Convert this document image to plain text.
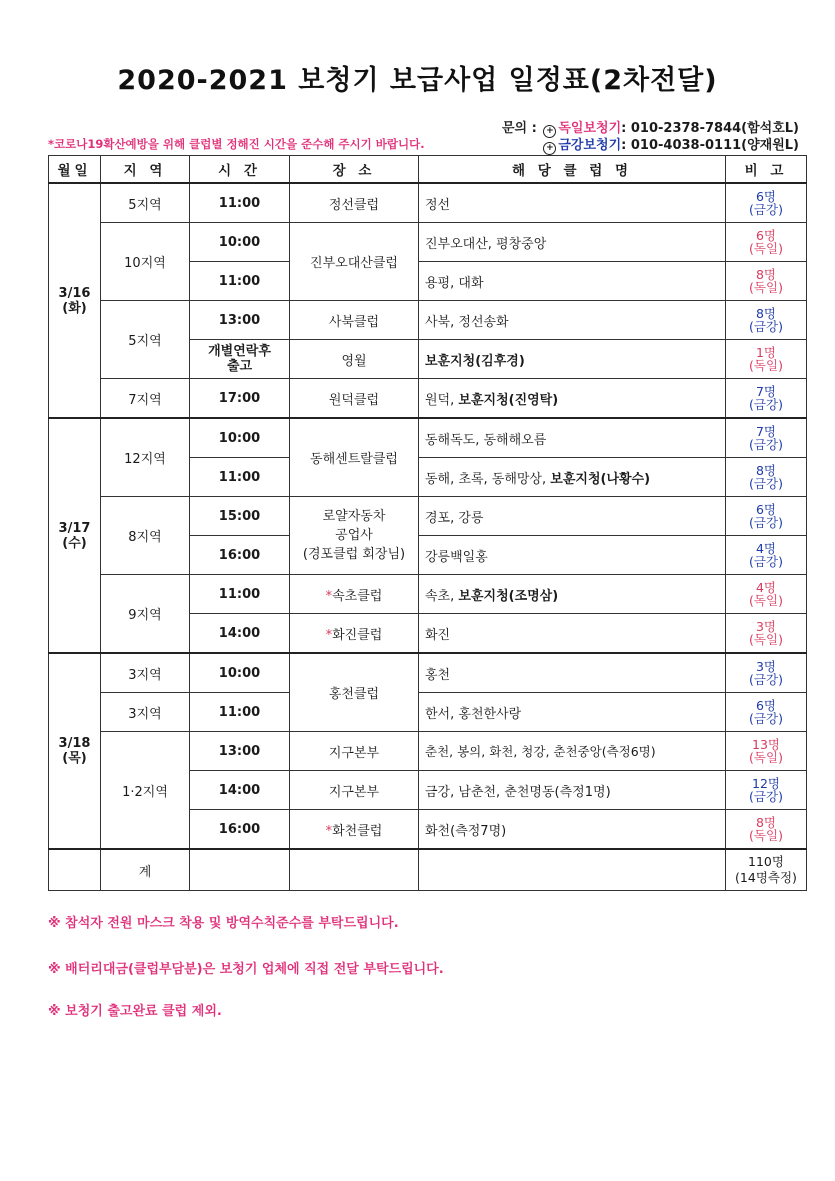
2020-2021 보청기 보급사업 일정표(2차전달)
문의 : + 독일보청기: 010-2378-7844(함석호L)
+ 금강보청기: 010-4038-0111(양재원L)
*코로나19확산예방을 위해 클럽별 정해진 시간을 준수해 주시기 바랍니다.
월일	지 역	시 간	장 소	해 당 클 럽 명	비 고
3/16
(화)	5지역	11:00	정선클럽	정선	6명
(금강)
	10지역	10:00	진부오대산클럽	진부오대산, 평창중앙	6명
(독일)
		11:00		용평, 대화	8명
(독일)
	5지역	13:00	사북클럽	사북, 정선송화	8명
(금강)
		개별연락후
출고	영월	보훈지청(김후경)	1명
(독일)
	7지역	17:00	원덕클럽	원덕, 보훈지청(진영탁)	7명
(금강)
3/17
(수)	12지역	10:00	동해센트랄클럽	동해독도, 동해해오름	7명
(금강)
		11:00		동해, 초록, 동해망상, 보훈지청(나황수)	8명
(금강)
	8지역	15:00	로얄자동차
공업사
(경포클럽 회장님)	경포, 강릉	6명
(금강)
		16:00		강릉백일홍	4명
(금강)
	9지역	11:00	*속초클럽	속초, 보훈지청(조명삼)	4명
(독일)
		14:00	*화진클럽	화진	3명
(독일)
3/18
(목)	3지역	10:00	홍천클럽	홍천	3명
(금강)
	3지역	11:00		한서, 홍천한사랑	6명
(금강)
	1·2지역	13:00	지구본부	춘천, 봉의, 화천, 청강, 춘천중앙(측정6명)	13명
(독일)
		14:00	지구본부	금강, 남춘천, 춘천명동(측정1명)	12명
(금강)
		16:00	*화천클럽	화천(측정7명)	8명
(독일)
	계				110명
(14명측정)
※ 참석자 전원 마스크 착용 및 방역수칙준수를 부탁드립니다.
※ 배터리대금(클럽부담분)은 보청기 업체에 직접 전달 부탁드립니다.
※ 보청기 출고완료 클럽 제외.
